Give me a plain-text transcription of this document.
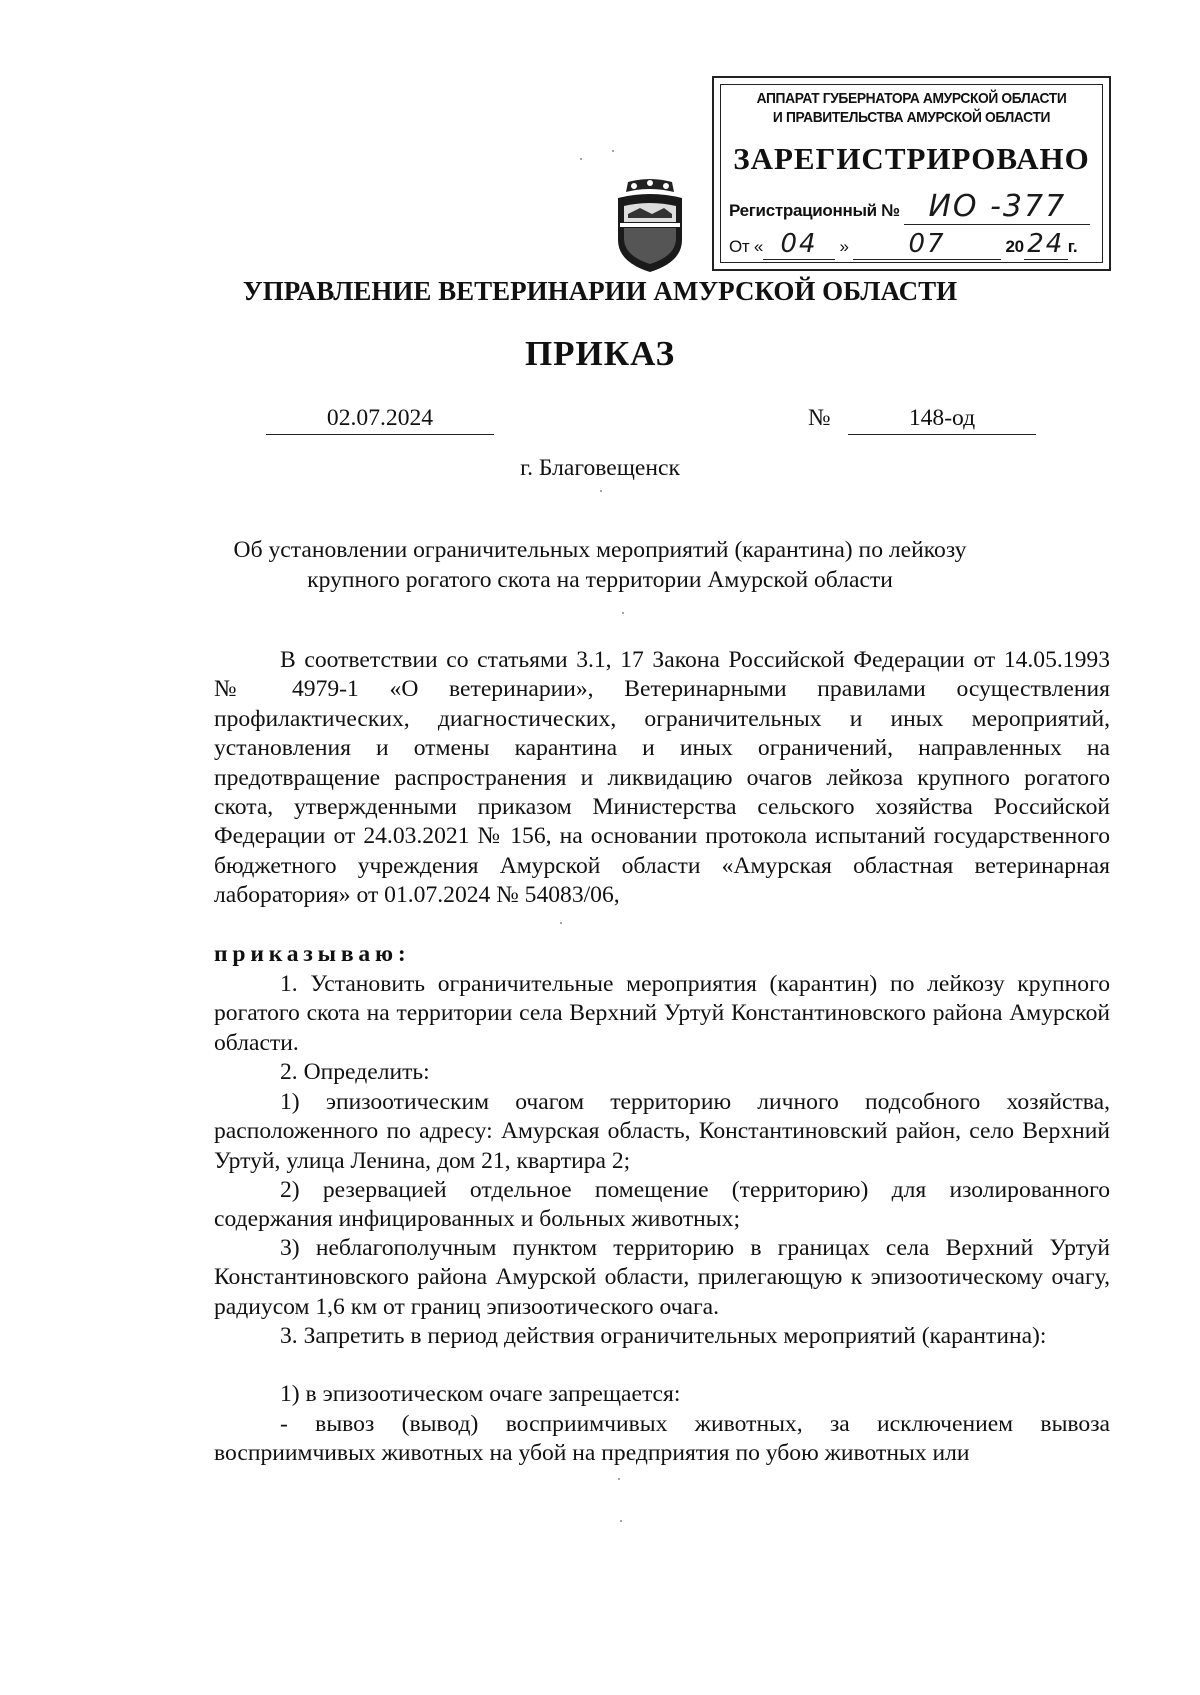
АППАРАТ ГУБЕРНАТОРА АМУРСКОЙ ОБЛАСТИ
И ПРАВИТЕЛЬСТВА АМУРСКОЙ ОБЛАСТИ
ЗАРЕГИСТРИРОВАНО
Регистрационный № ИО -377
От « 04 » 07	20 24 г.
УПРАВЛЕНИЕ ВЕТЕРИНАРИИ АМУРСКОЙ ОБЛАСТИ
ПРИКАЗ
02.07.2024	№	148-од
г. Благовещенск
Об установлении ограничительных мероприятий (карантина) по лейкозу
крупного рогатого скота на территории Амурской области

В соответствии со статьями 3.1, 17 Закона Российской Федерации от 14.05.1993 № 4979-1 «О ветеринарии», Ветеринарными правилами осуществления профилактических, диагностических, ограничительных и иных мероприятий, установления и отмены карантина и иных ограничений, направленных на предотвращение распространения и ликвидацию очагов лейкоза крупного рогатого скота, утвержденными приказом Министерства сельского хозяйства Российской Федерации от 24.03.2021 № 156, на основании протокола испытаний государственного бюджетного учреждения Амурской области «Амурская областная ветеринарная лаборатория» от 01.07.2024 № 54083/06,

приказываю:

1. Установить ограничительные мероприятия (карантин) по лейкозу крупного рогатого скота на территории села Верхний Уртуй Константиновского района Амурской области.

2. Определить:

1) эпизоотическим очагом территорию личного подсобного хозяйства, расположенного по адресу: Амурская область, Константиновский район, село Верхний Уртуй, улица Ленина, дом 21, квартира 2;

2) резервацией отдельное помещение (территорию) для изолированного содержания инфицированных и больных животных;

3) неблагополучным пунктом территорию в границах села Верхний Уртуй Константиновского района Амурской области, прилегающую к эпизоотическому очагу, радиусом 1,6 км от границ эпизоотического очага.

3. Запретить в период действия ограничительных мероприятий (карантина):

1) в эпизоотическом очаге запрещается:

- вывоз (вывод) восприимчивых животных, за исключением вывоза восприимчивых животных на убой на предприятия по убою животных или
